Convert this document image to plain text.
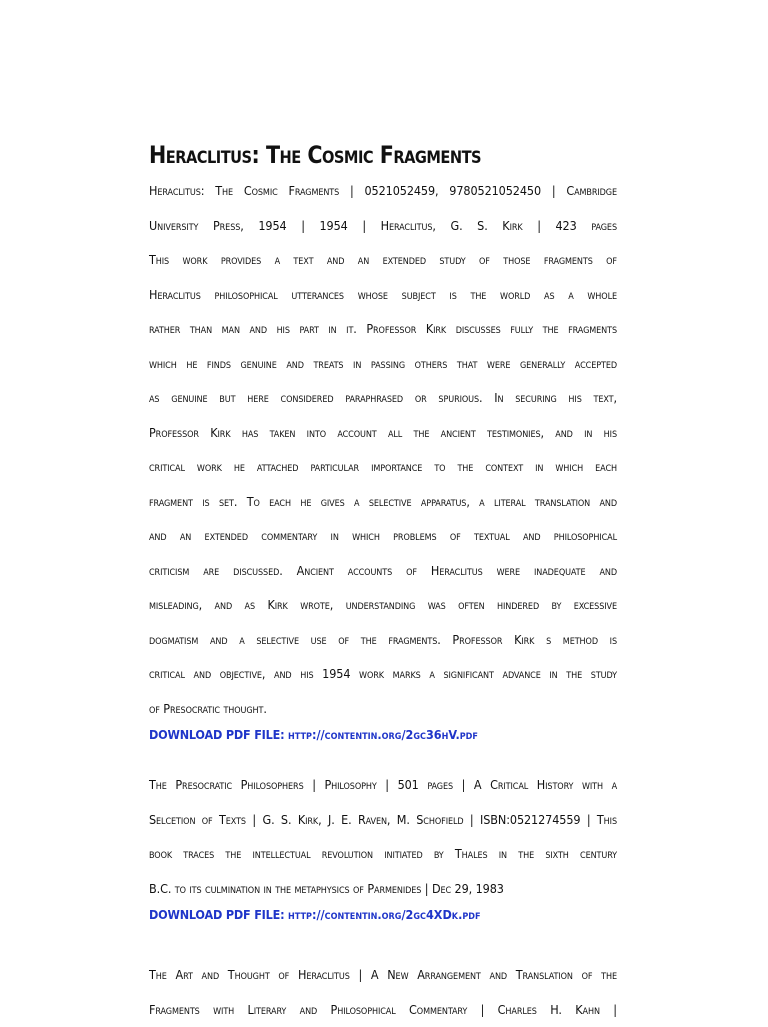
Heraclitus: The Cosmic Fragments
Heraclitus: The Cosmic Fragments | 0521052459, 9780521052450 | Cambridge
University Press, 1954 | 1954 | Heraclitus, G. S. Kirk | 423 pages
This work provides a text and an extended study of those fragments of
Heraclitus philosophical utterances whose subject is the world as a whole
rather than man and his part in it. Professor Kirk discusses fully the fragments
which he finds genuine and treats in passing others that were generally accepted
as genuine but here considered paraphrased or spurious. In securing his text,
Professor Kirk has taken into account all the ancient testimonies, and in his
critical work he attached particular importance to the context in which each
fragment is set. To each he gives a selective apparatus, a literal translation and
and an extended commentary in which problems of textual and philosophical
criticism are discussed. Ancient accounts of Heraclitus were inadequate and
misleading, and as Kirk wrote, understanding was often hindered by excessive
dogmatism and a selective use of the fragments. Professor Kirk s method is
critical and objective, and his 1954 work marks a significant advance in the study
of Presocratic thought.

DOWNLOAD PDF FILE: http://contentin.org/2gc36hV.pdf

The Presocratic Philosophers | Philosophy | 501 pages | A Critical History with a
Selcetion of Texts | G. S. Kirk, J. E. Raven, M. Schofield | ISBN:0521274559 | This
book traces the intellectual revolution initiated by Thales in the sixth century
B.C. to its culmination in the metaphysics of Parmenides | Dec 29, 1983

DOWNLOAD PDF FILE: http://contentin.org/2gc4XDk.pdf

The Art and Thought of Heraclitus | A New Arrangement and Translation of the
Fragments with Literary and Philosophical Commentary | Charles H. Kahn |
